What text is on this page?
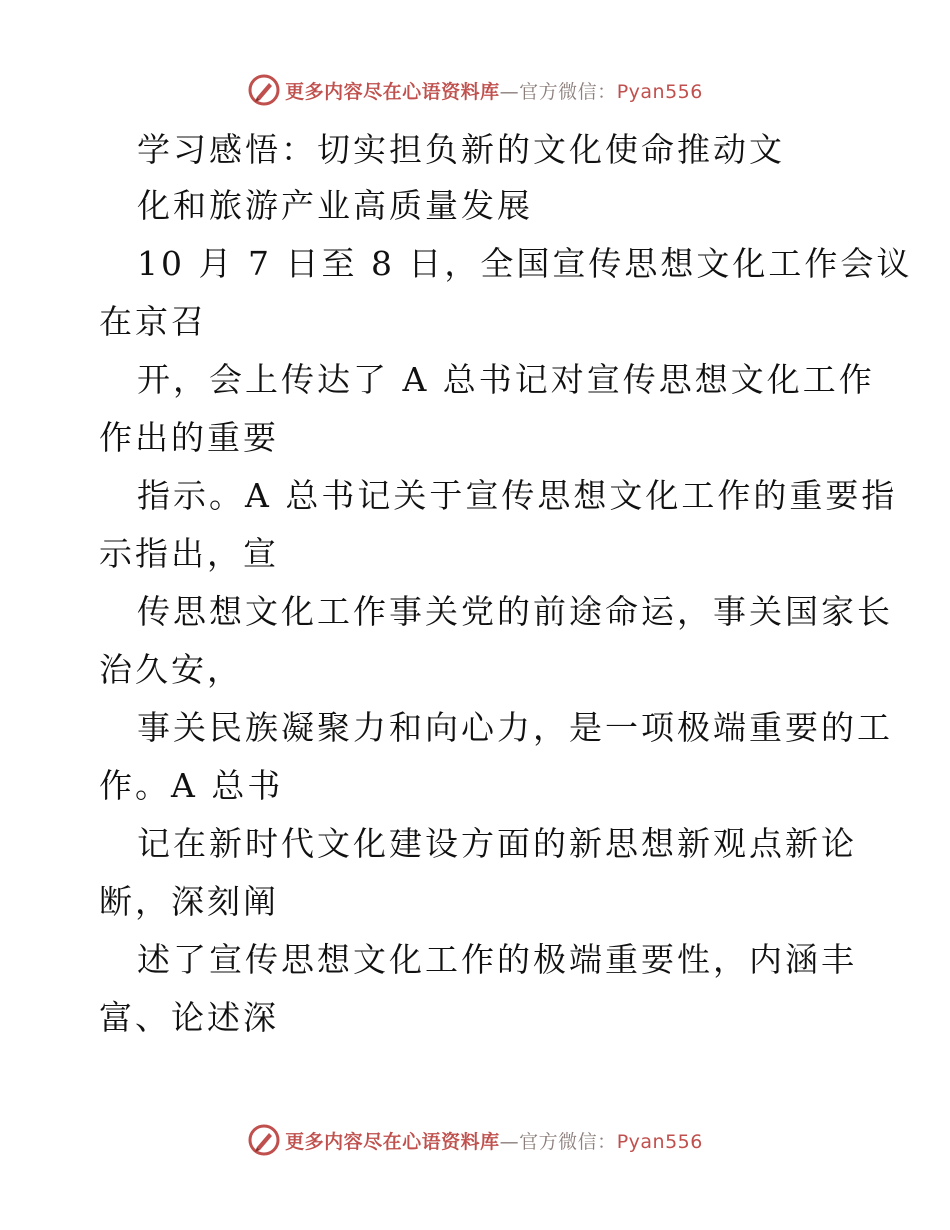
更多内容尽在心语资料库—官方微信：Pyan556
学习感悟：切实担负新的文化使命推动文
化和旅游产业高质量发展
10 月 7 日至 8 日，全国宣传思想文化工作会议
在京召
开，会上传达了 A 总书记对宣传思想文化工作
作出的重要
指示。A 总书记关于宣传思想文化工作的重要指
示指出，宣
传思想文化工作事关党的前途命运，事关国家长
治久安，
事关民族凝聚力和向心力，是一项极端重要的工
作。A 总书
记在新时代文化建设方面的新思想新观点新论
断，深刻阐
述了宣传思想文化工作的极端重要性，内涵丰
富、论述深
更多内容尽在心语资料库—官方微信：Pyan556
